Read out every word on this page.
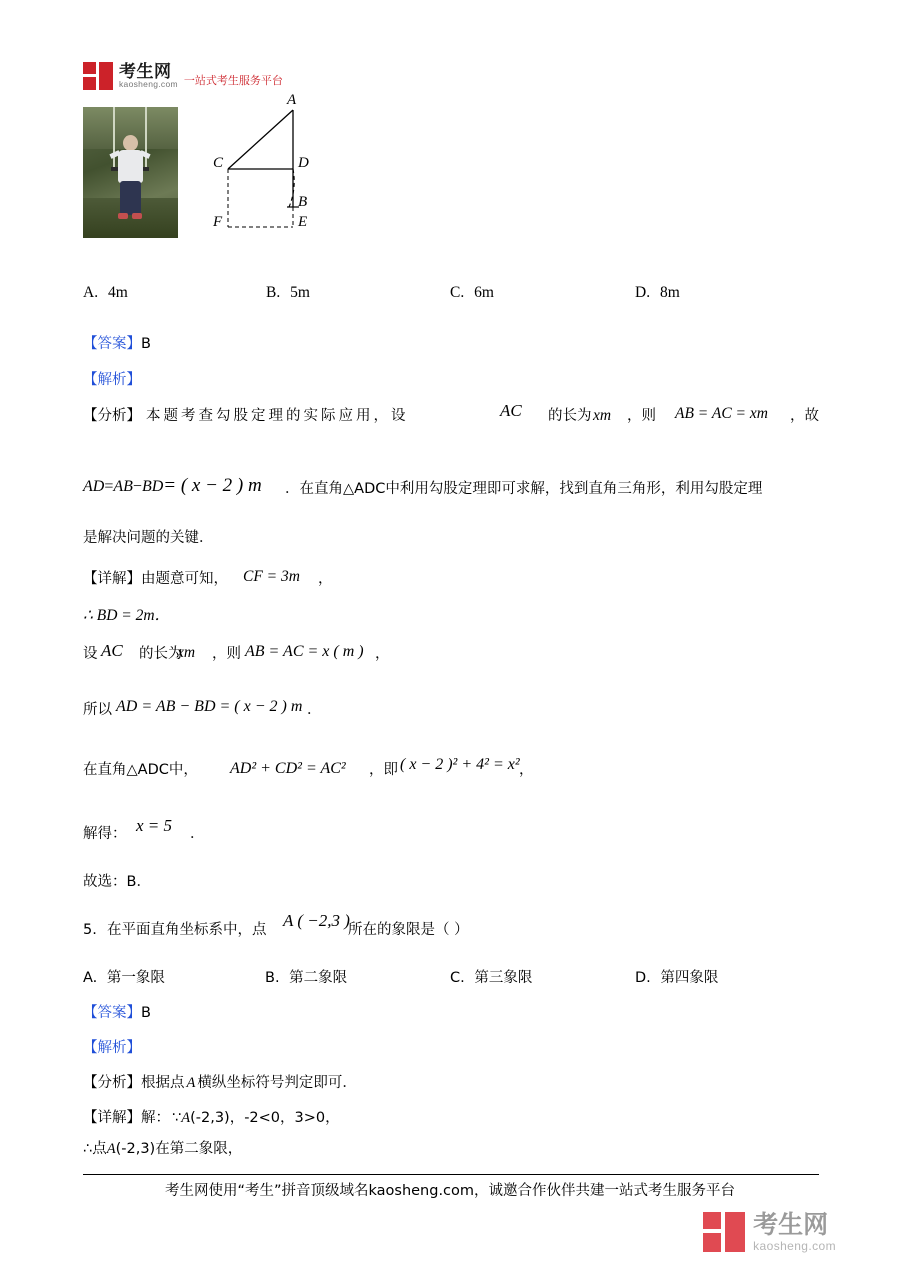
考生网
kaosheng.com 一站式考生服务平台
A
C	D
B
F	E
A. 4m	B. 5m	C. 6m	D. 8m
【答案】B
【解析】
【分析】 本题考查勾股定理的实际应用，设	AC 的长为 xm ，则 AB = AC = xm ，故
AD=AB−BD= ( x − 2 ) m ．在直角△ADC中利用勾股定理即可求解，找到直角三角形，利用勾股定理
是解决问题的关键．
【详解】由题意可知， CF = 3m ，
∴ BD = 2m．
设 AC 的长为
xm ，则 AB = AC = x ( m ) ，
所以 AD = AB − BD = ( x − 2 ) m ．
在直角△ADC中， AD² + CD² = AC² ，即 ( x − 2 )² + 4² = x² ，
解得： x = 5 ．
故选：B．
5. 在平面直角坐标系中，点 A ( −2,3 )
所在的象限是（ ）
A. 第一象限	B. 第二象限	C. 第三象限	D. 第四象限
【答案】B
【解析】
【分析】根据点 A 横纵坐标符号判定即可．
【详解】解： ∵A(-2,3)，-2<0，3>0，
∴点A(-2,3)在第二象限，
考生网使用“考生”拼音顶级域名kaosheng.com，诚邀合作伙伴共建一站式考生服务平台
考生网
kaosheng.com
